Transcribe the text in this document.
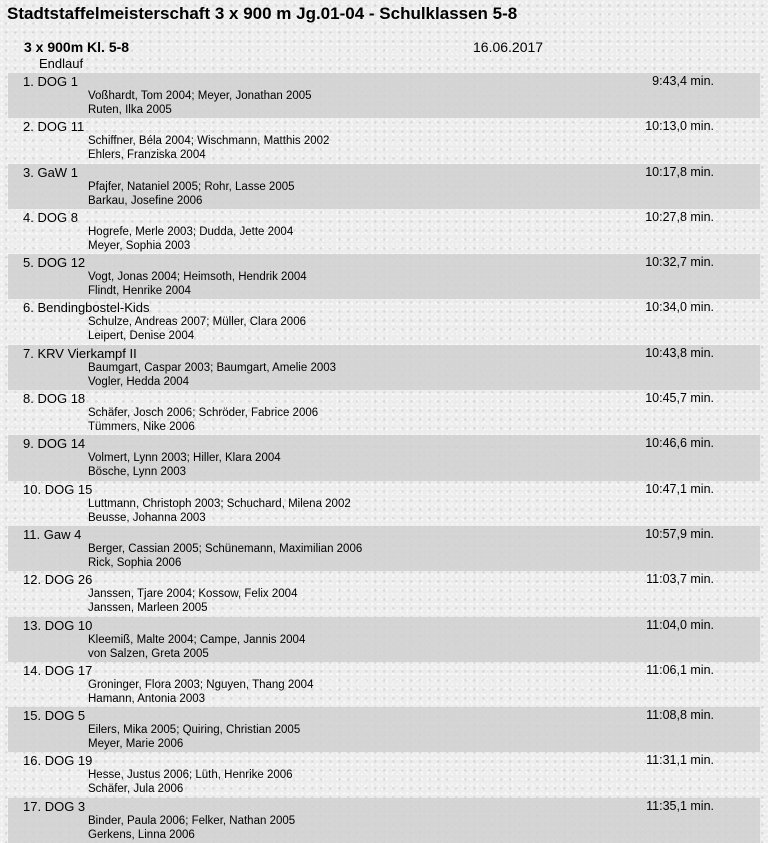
Stadtstaffelmeisterschaft 3 x 900 m Jg.01-04 - Schulklassen 5-8
3 x 900m Kl. 5-8	16.06.2017
Endlauf
1. DOG 1	9:43,4 min.
Voßhardt, Tom 2004; Meyer, Jonathan 2005
Ruten, Ilka 2005
2. DOG 11	10:13,0 min.
Schiffner, Béla 2004; Wischmann, Matthis 2002
Ehlers, Franziska 2004
3. GaW 1	10:17,8 min.
Pfajfer, Nataniel 2005; Rohr, Lasse 2005
Barkau, Josefine 2006
4. DOG 8	10:27,8 min.
Hogrefe, Merle 2003; Dudda, Jette 2004
Meyer, Sophia 2003
5. DOG 12	10:32,7 min.
Vogt, Jonas 2004; Heimsoth, Hendrik 2004
Flindt, Henrike 2004
6. Bendingbostel-Kids	10:34,0 min.
Schulze, Andreas 2007; Müller, Clara 2006
Leipert, Denise 2004
7. KRV Vierkampf II	10:43,8 min.
Baumgart, Caspar 2003; Baumgart, Amelie 2003
Vogler, Hedda 2004
8. DOG 18	10:45,7 min.
Schäfer, Josch 2006; Schröder, Fabrice 2006
Tümmers, Nike 2006
9. DOG 14	10:46,6 min.
Volmert, Lynn 2003; Hiller, Klara 2004
Bösche, Lynn 2003
10. DOG 15	10:47,1 min.
Luttmann, Christoph 2003; Schuchard, Milena 2002
Beusse, Johanna 2003
11. Gaw 4	10:57,9 min.
Berger, Cassian 2005; Schünemann, Maximilian 2006
Rick, Sophia 2006
12. DOG 26	11:03,7 min.
Janssen, Tjare 2004; Kossow, Felix 2004
Janssen, Marleen 2005
13. DOG 10	11:04,0 min.
Kleemiß, Malte 2004; Campe, Jannis 2004
von Salzen, Greta 2005
14. DOG 17	11:06,1 min.
Groninger, Flora 2003; Nguyen, Thang 2004
Hamann, Antonia 2003
15. DOG 5	11:08,8 min.
Eilers, Mika 2005; Quiring, Christian 2005
Meyer, Marie 2006
16. DOG 19	11:31,1 min.
Hesse, Justus 2006; Lüth, Henrike 2006
Schäfer, Jula 2006
17. DOG 3	11:35,1 min.
Binder, Paula 2006; Felker, Nathan 2005
Gerkens, Linna 2006
